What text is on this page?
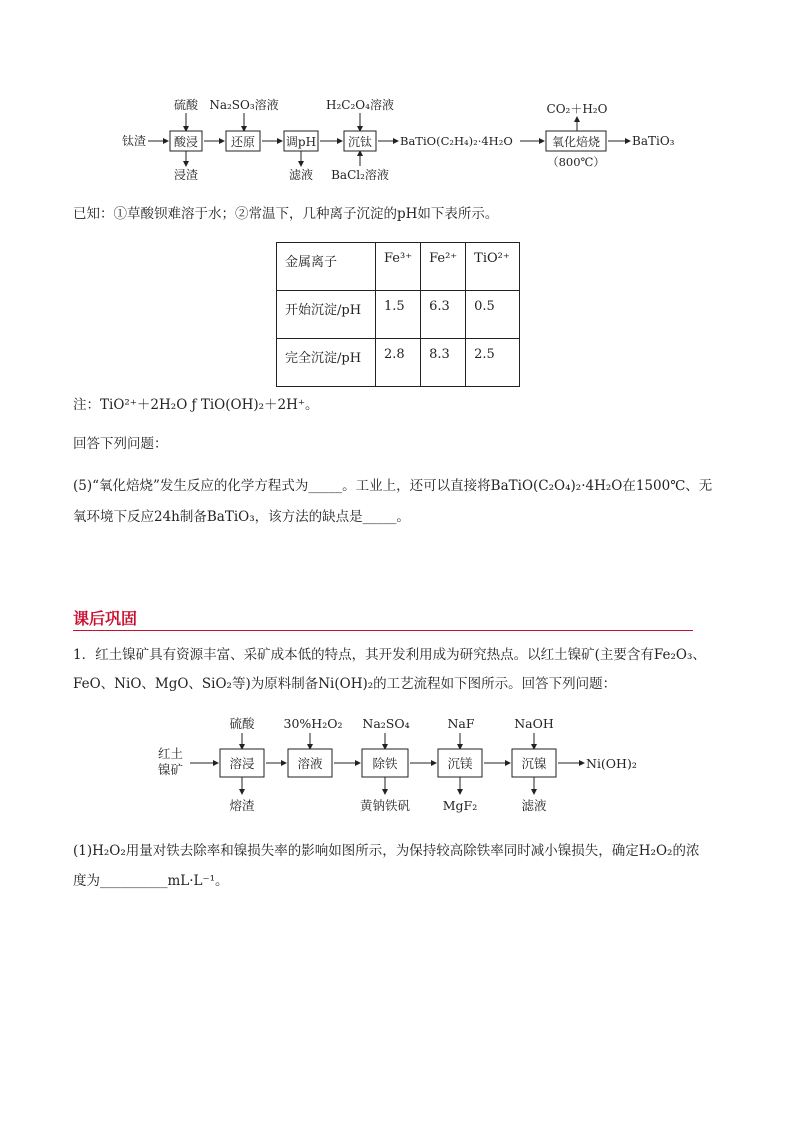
硫酸 Na₂SO₃溶液	H₂C₂O₄溶液	CO₂＋H₂O
钛渣 酸浸	还原	调pH	沉钛	氧化焙烧
BaTiO(C₂H₄)₂·4H₂O	BaTiO₃
浸渣	滤液 BaCl₂溶液
（800℃）
已知：①草酸钡难溶于水；②常温下，几种离子沉淀的pH如下表所示。
金属离子	Fe³⁺	Fe²⁺	TiO²⁺
开始沉淀/pH	1.5	6.3	0.5
完全沉淀/pH	2.8	8.3	2.5
注：TiO²⁺＋2H₂O ƒ TiO(OH)₂＋2H⁺。
回答下列问题：
(5)“氧化焙烧”发生反应的化学方程式为_____。工业上，还可以直接将BaTiO(C₂O₄)₂·4H₂O在1500℃、无
氧环境下反应24h制备BaTiO₃，该方法的缺点是_____。
课后巩固
1．红土镍矿具有资源丰富、采矿成本低的特点，其开发利用成为研究热点。以红土镍矿(主要含有Fe₂O₃、
FeO、NiO、MgO、SiO₂等)为原料制备Ni(OH)₂的工艺流程如下图所示。回答下列问题：
红土
镍矿
硫酸 30%H₂O₂ Na₂SO₄	NaF	NaOH
溶浸	溶液	除铁	沉镁	沉镍	Ni(OH)₂
熔渣	黄钠铁矾	MgF₂	滤液
(1)H₂O₂用量对铁去除率和镍损失率的影响如图所示，为保持较高除铁率同时减小镍损失，确定H₂O₂的浓
度为__________mL·L⁻¹。
